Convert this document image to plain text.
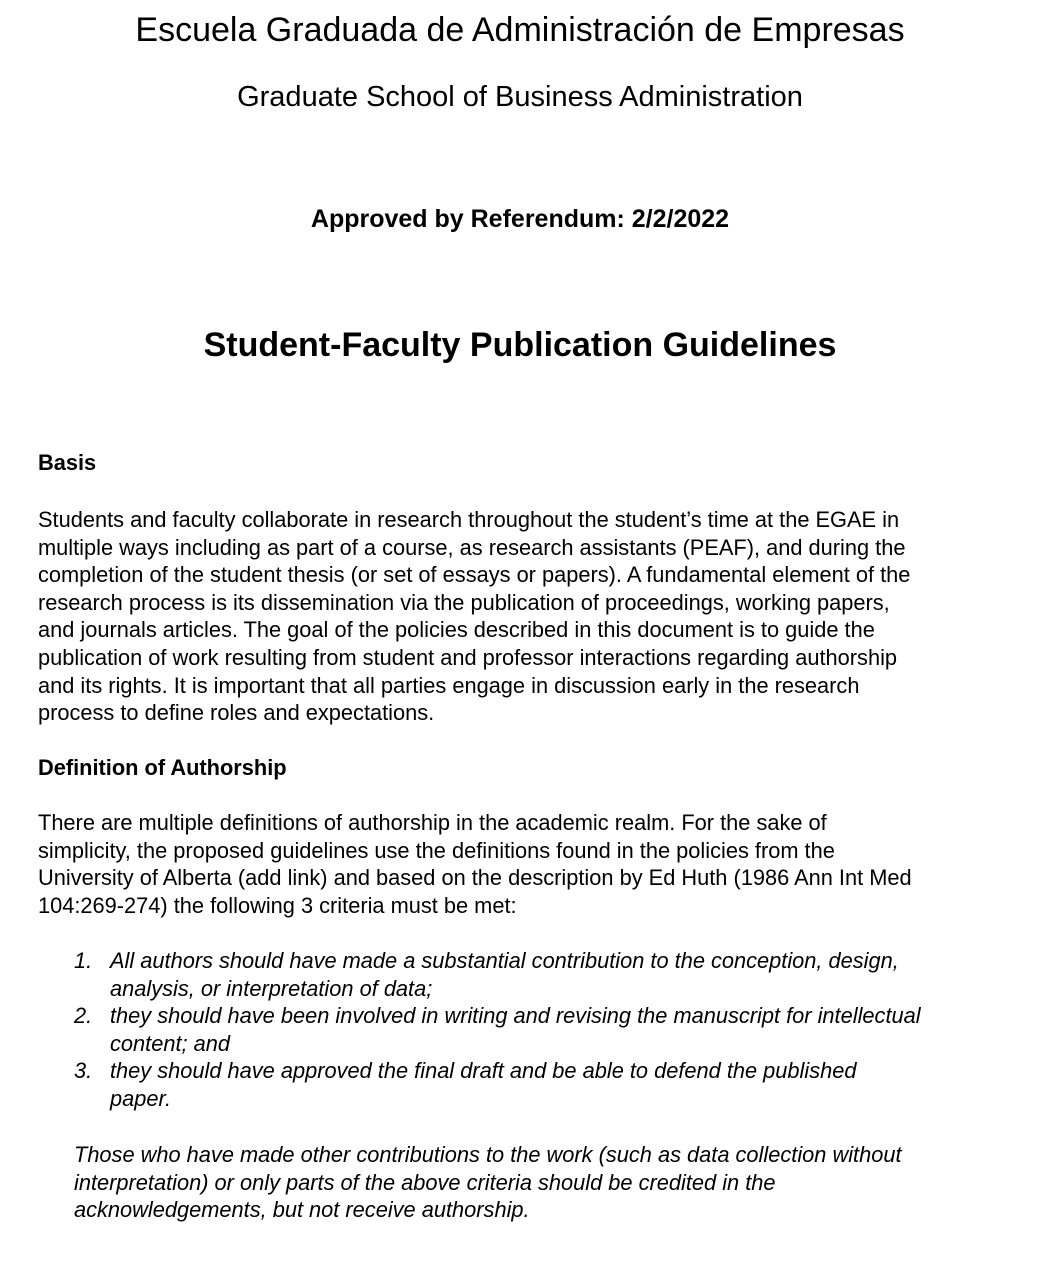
Escuela Graduada de Administración de Empresas
Graduate School of Business Administration
Approved by Referendum: 2/2/2022
Student-Faculty Publication Guidelines
Basis

Students and faculty collaborate in research throughout the student’s time at the EGAE in
multiple ways including as part of a course, as research assistants (PEAF), and during the
completion of the student thesis (or set of essays or papers). A fundamental element of the
research process is its dissemination via the publication of proceedings, working papers,
and journals articles. The goal of the policies described in this document is to guide the
publication of work resulting from student and professor interactions regarding authorship
and its rights. It is important that all parties engage in discussion early in the research
process to define roles and expectations.

Definition of Authorship

There are multiple definitions of authorship in the academic realm. For the sake of
simplicity, the proposed guidelines use the definitions found in the policies from the
University of Alberta (add link) and based on the description by Ed Huth (1986 Ann Int Med
104:269-274) the following 3 criteria must be met:

1. All authors should have made a substantial contribution to the conception, design,
analysis, or interpretation of data;
2. they should have been involved in writing and revising the manuscript for intellectual
content; and
3. they should have approved the final draft and be able to defend the published
paper.

Those who have made other contributions to the work (such as data collection without
interpretation) or only parts of the above criteria should be credited in the
acknowledgements, but not receive authorship.
